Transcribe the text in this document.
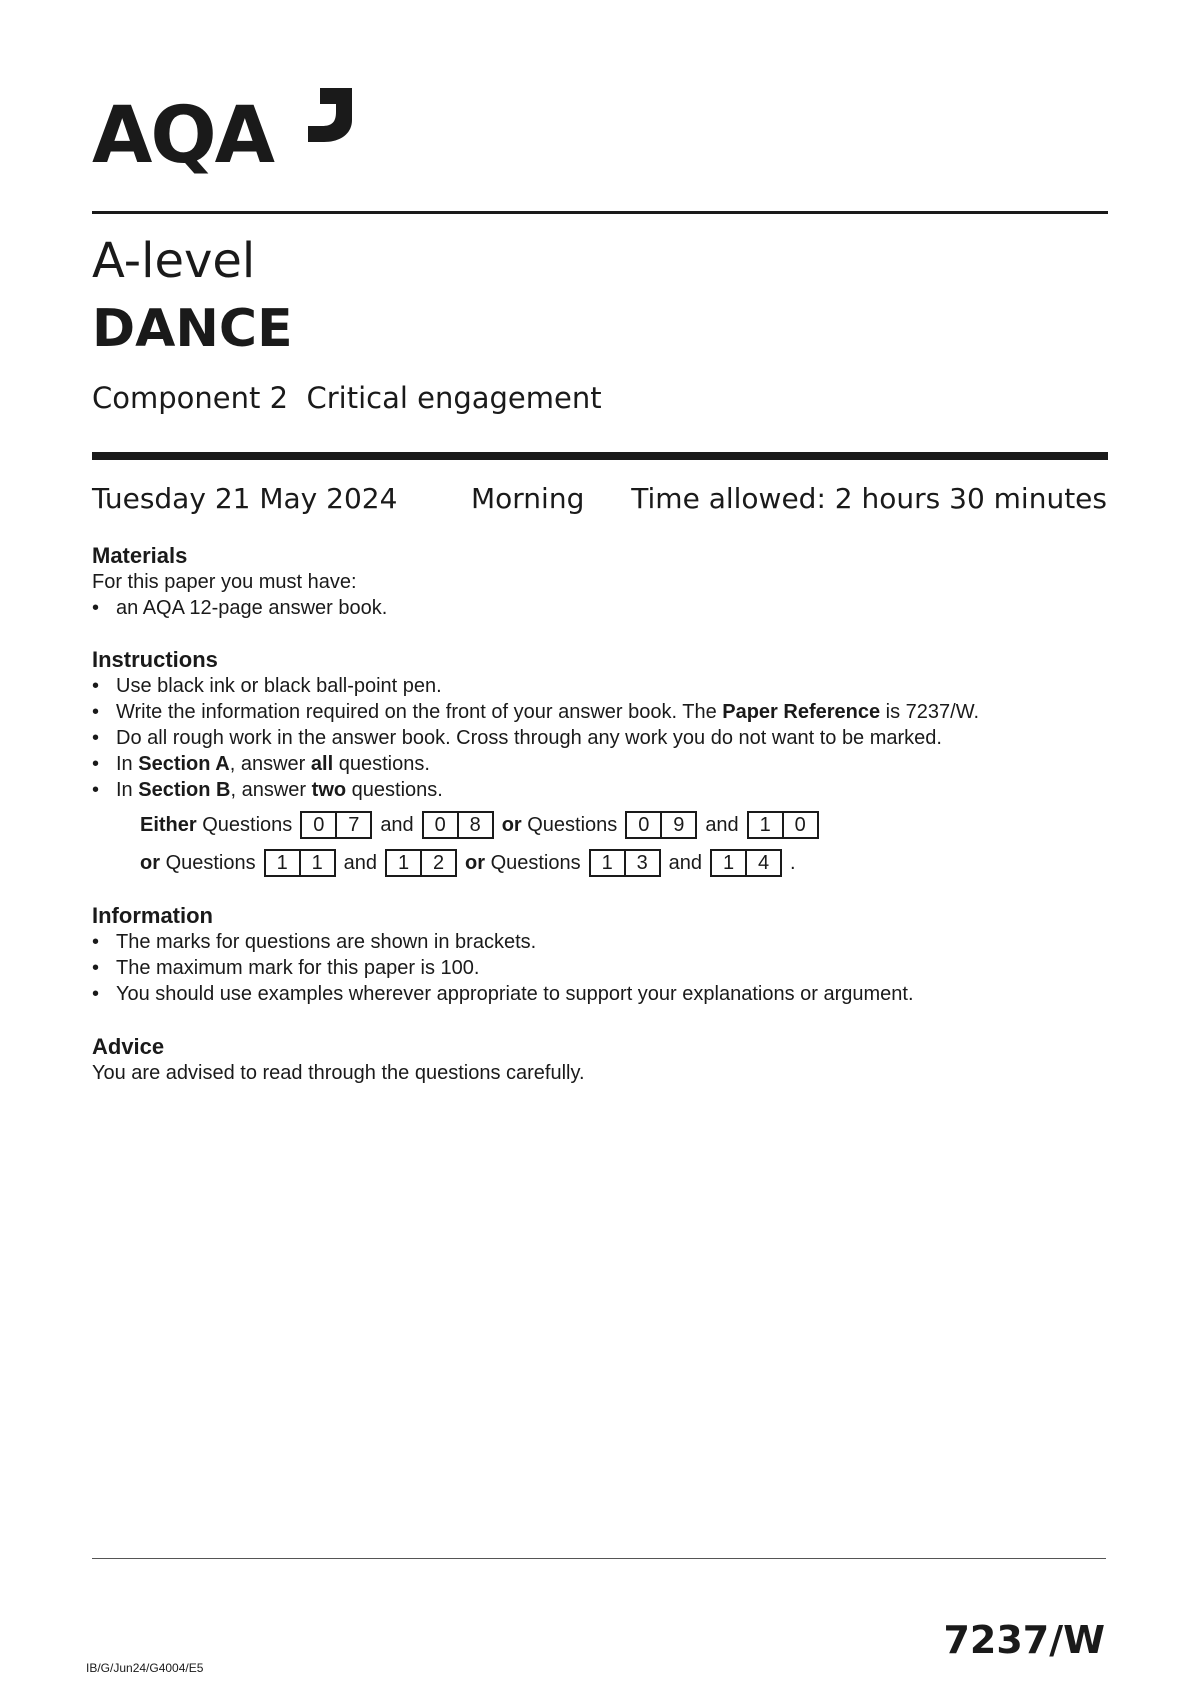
AQA
A-level
DANCE
Component 2  Critical engagement
Tuesday 21 May 2024	Morning Time allowed: 2 hours 30 minutes
Materials
For this paper you must have:
• an AQA 12-page answer book.
Instructions
• Use black ink or black ball-point pen.
• Write the information required on the front of your answer book. The Paper Reference is 7237/W.
• Do all rough work in the answer book. Cross through any work you do not want to be marked.
• In Section A, answer all questions.
• In Section B, answer two questions.
Either
Questions	0	7	and	0	8	or
Questions	0	9	and	1	0
or
Questions	1	1	and	1	2	or
Questions	1	3	and	1	4	.
Information
• The marks for questions are shown in brackets.
• The maximum mark for this paper is 100.
• You should use examples wherever appropriate to support your explanations or argument.
Advice
You are advised to read through the questions carefully.
IB/G/Jun24/G4004/E5
7237/W
